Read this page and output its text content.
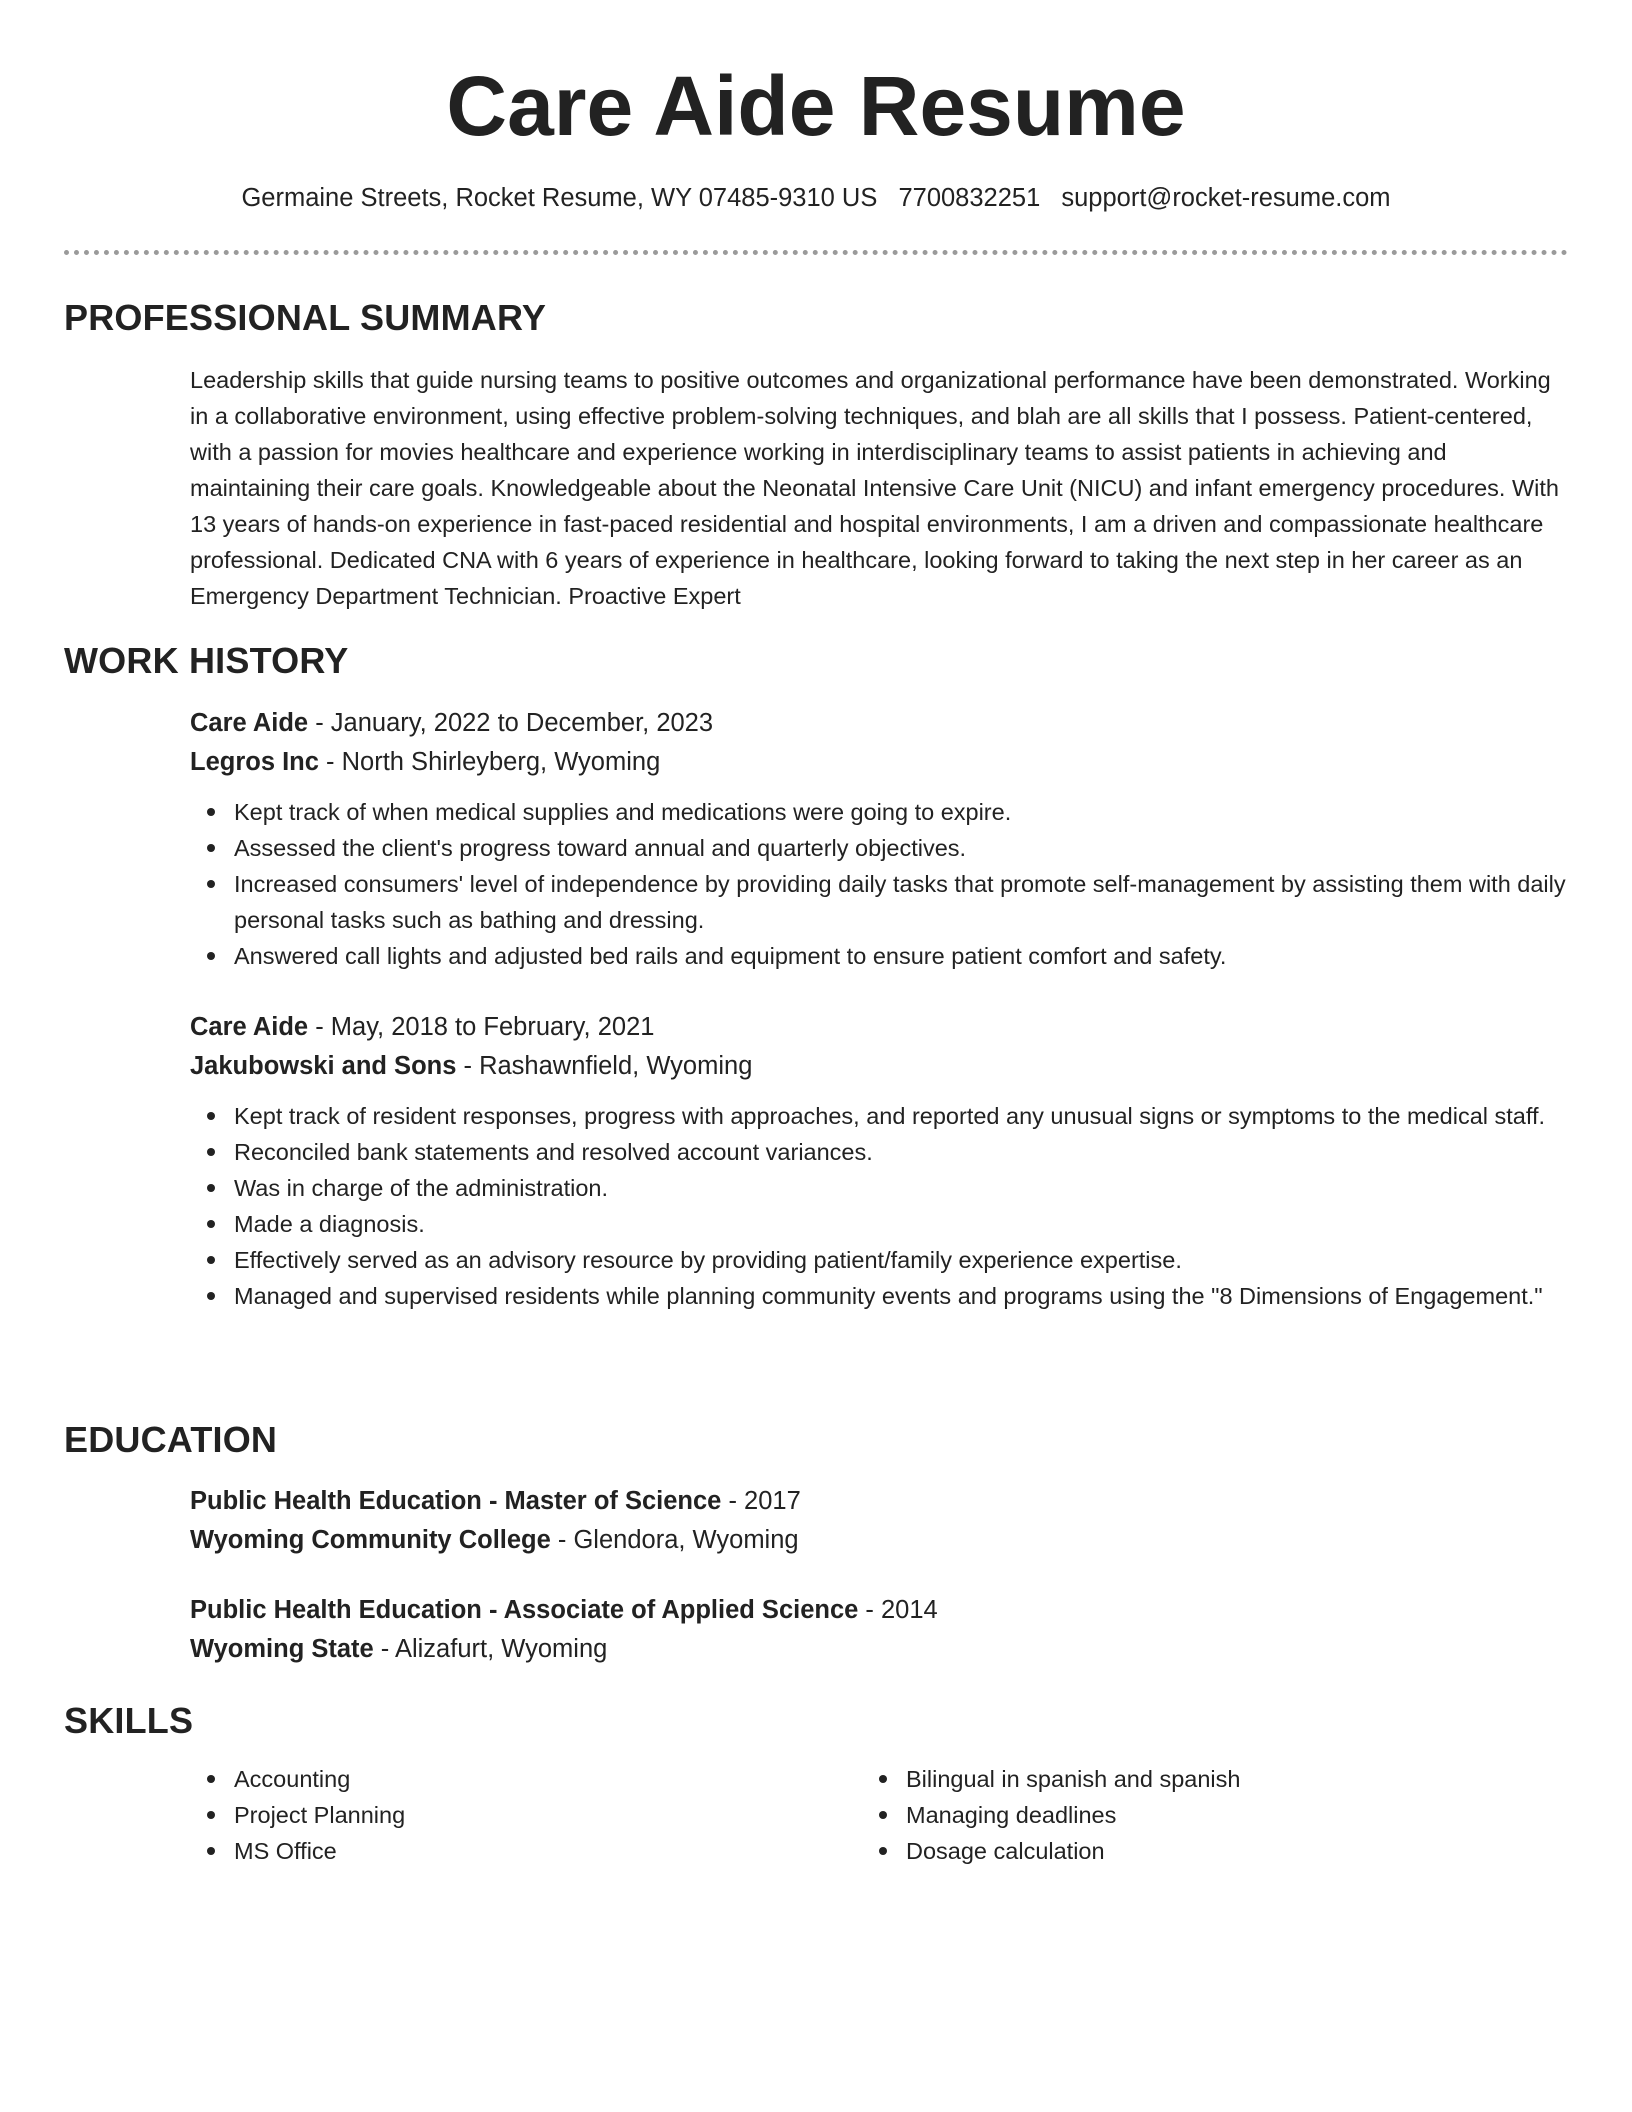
Care Aide Resume
Germaine Streets, Rocket Resume, WY 07485-9310 US 7700832251 support@rocket-resume.com
PROFESSIONAL SUMMARY

Leadership skills that guide nursing teams to positive outcomes and organizational performance have been demonstrated. Working in a collaborative environment, using effective problem-solving techniques, and blah are all skills that I possess. Patient-centered, with a passion for movies healthcare and experience working in interdisciplinary teams to assist patients in achieving and maintaining their care goals. Knowledgeable about the Neonatal Intensive Care Unit (NICU) and infant emergency procedures. With 13 years of hands-on experience in fast-paced residential and hospital environments, I am a driven and compassionate healthcare professional. Dedicated CNA with 6 years of experience in healthcare, looking forward to taking the next step in her career as an Emergency Department Technician. Proactive Expert

WORK HISTORY
Care Aide - January, 2022 to December, 2023
Legros Inc - North Shirleyberg, Wyoming
Kept track of when medical supplies and medications were going to expire.
Assessed the client's progress toward annual and quarterly objectives.
Increased consumers' level of independence by providing daily tasks that promote self-management by assisting them with daily personal tasks such as bathing and dressing.
Answered call lights and adjusted bed rails and equipment to ensure patient comfort and safety.
Care Aide - May, 2018 to February, 2021
Jakubowski and Sons - Rashawnfield, Wyoming
Kept track of resident responses, progress with approaches, and reported any unusual signs or symptoms to the medical staff.
Reconciled bank statements and resolved account variances.
Was in charge of the administration.
Made a diagnosis.
Effectively served as an advisory resource by providing patient/family experience expertise.
Managed and supervised residents while planning community events and programs using the "8 Dimensions of Engagement."
EDUCATION
Public Health Education - Master of Science - 2017
Wyoming Community College - Glendora, Wyoming
Public Health Education - Associate of Applied Science - 2014
Wyoming State - Alizafurt, Wyoming
SKILLS
Accounting
Project Planning
MS Office
Bilingual in spanish and spanish
Managing deadlines
Dosage calculation
